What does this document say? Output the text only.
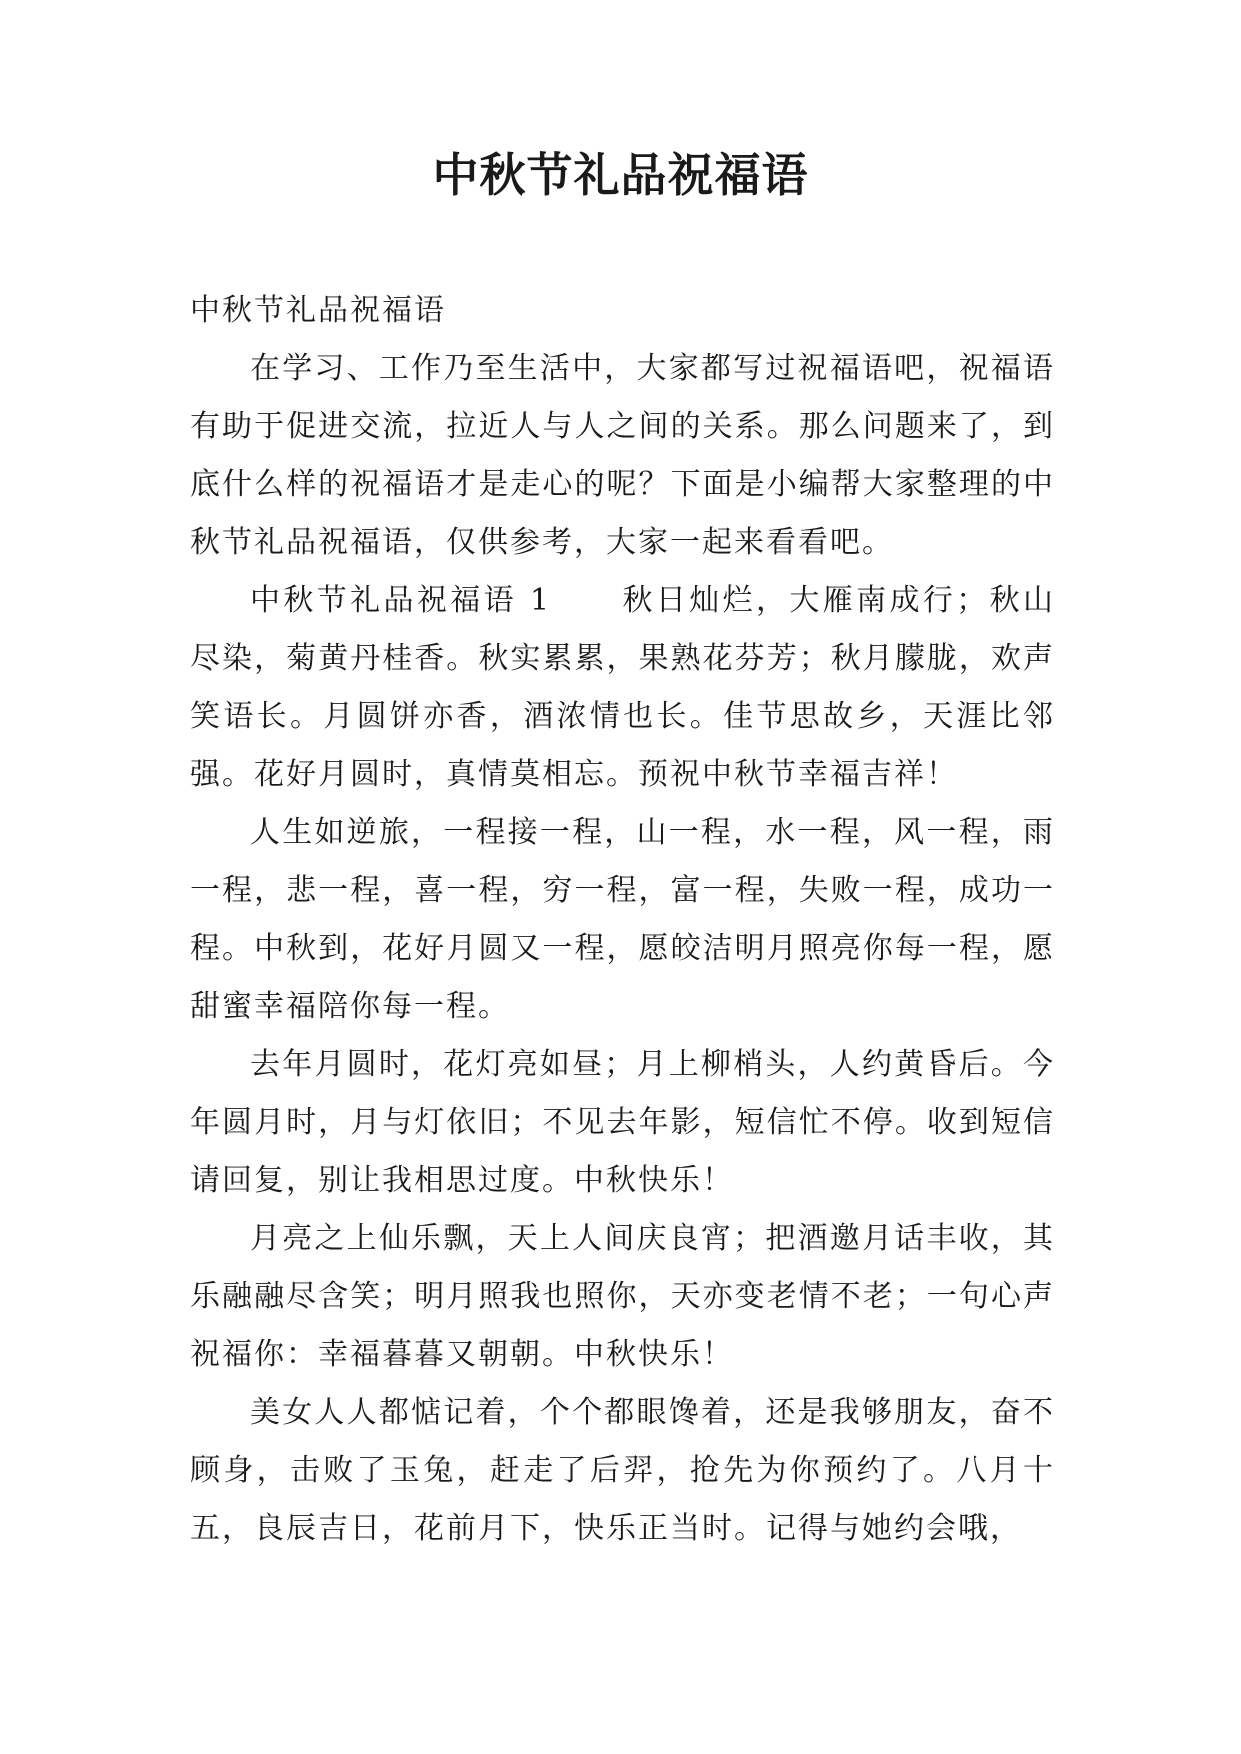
中秋节礼品祝福语

中秋节礼品祝福语

在学习、工作乃至生活中，大家都写过祝福语吧，祝福语有助于促进交流，拉近人与人之间的关系。那么问题来了，到底什么样的祝福语才是走心的呢？下面是小编帮大家整理的中秋节礼品祝福语，仅供参考，大家一起来看看吧。

中秋节礼品祝福语 1 秋日灿烂，大雁南成行；秋山尽染，菊黄丹桂香。秋实累累，果熟花芬芳；秋月朦胧，欢声笑语长。月圆饼亦香，酒浓情也长。佳节思故乡，天涯比邻强。花好月圆时，真情莫相忘。预祝中秋节幸福吉祥！

人生如逆旅，一程接一程，山一程，水一程，风一程，雨一程，悲一程，喜一程，穷一程，富一程，失败一程，成功一程。中秋到，花好月圆又一程，愿皎洁明月照亮你每一程，愿甜蜜幸福陪你每一程。

去年月圆时，花灯亮如昼；月上柳梢头，人约黄昏后。今年圆月时，月与灯依旧；不见去年影，短信忙不停。收到短信请回复，别让我相思过度。中秋快乐！

月亮之上仙乐飘，天上人间庆良宵；把酒邀月话丰收，其乐融融尽含笑；明月照我也照你，天亦变老情不老；一句心声祝福你：幸福暮暮又朝朝。中秋快乐！

美女人人都惦记着，个个都眼馋着，还是我够朋友，奋不顾身，击败了玉兔，赶走了后羿，抢先为你预约了。八月十五，良辰吉日，花前月下，快乐正当时。记得与她约会哦，
